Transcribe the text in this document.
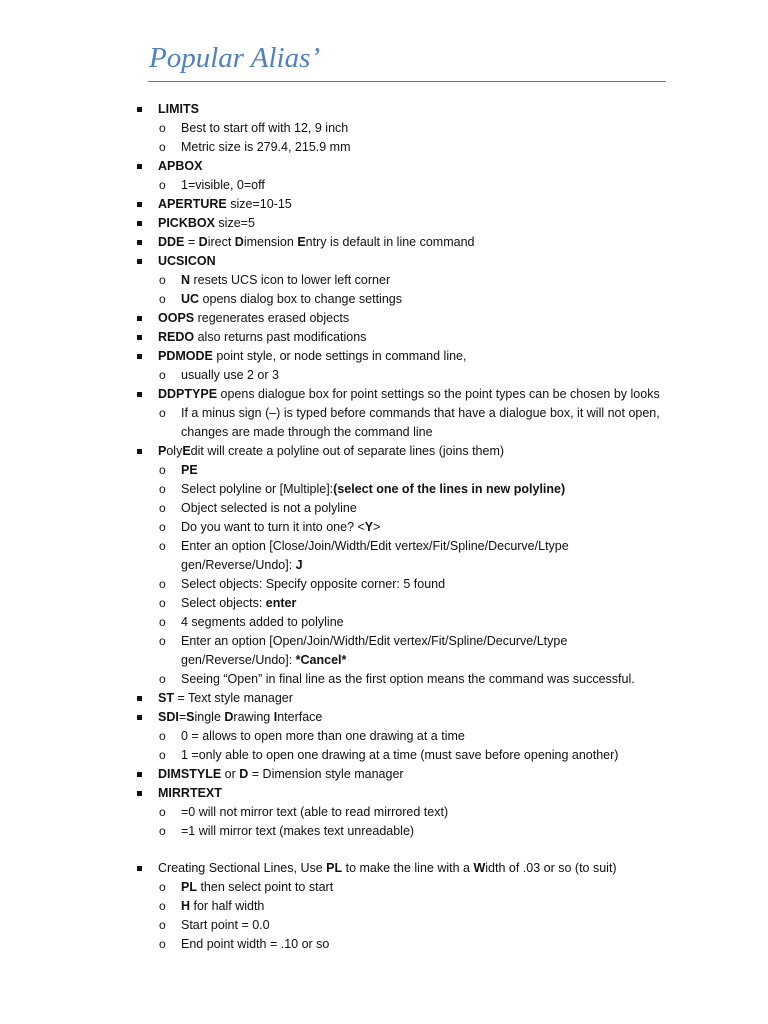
Popular Alias’
LIMITS
o Best to start off with 12, 9 inch
o Metric size is 279.4, 215.9 mm
APBOX
o 1=visible, 0=off
APERTURE size=10-15
PICKBOX size=5
DDE = Direct Dimension Entry is default in line command
UCSICON
o N resets UCS icon to lower left corner
o UC opens dialog box to change settings
OOPS regenerates erased objects
REDO also returns past modifications
PDMODE point style, or node settings in command line,
o usually use 2 or 3
DDPTYPE opens dialogue box for point settings so the point types can be chosen by looks
o If a minus sign (–) is typed before commands that have a dialogue box, it will not open,
changes are made through the command line
PolyEdit will create a polyline out of separate lines (joins them)
o PE
o Select polyline or [Multiple]:(select one of the lines in new polyline)
o Object selected is not a polyline
o Do you want to turn it into one? <Y>
o Enter an option [Close/Join/Width/Edit vertex/Fit/Spline/Decurve/Ltype
gen/Reverse/Undo]: J
o Select objects: Specify opposite corner: 5 found
o Select objects: enter
o 4 segments added to polyline
o Enter an option [Open/Join/Width/Edit vertex/Fit/Spline/Decurve/Ltype
gen/Reverse/Undo]: *Cancel*
o Seeing “Open” in final line as the first option means the command was successful.
ST = Text style manager
SDI=Single Drawing Interface
o 0 = allows to open more than one drawing at a time
o 1 =only able to open one drawing at a time (must save before opening another)
DIMSTYLE or D = Dimension style manager
MIRRTEXT
o =0 will not mirror text (able to read mirrored text)
o =1 will mirror text (makes text unreadable)
Creating Sectional Lines, Use PL to make the line with a Width of .03 or so (to suit)
o PL then select point to start
o H for half width
o Start point = 0.0
o End point width = .10 or so
